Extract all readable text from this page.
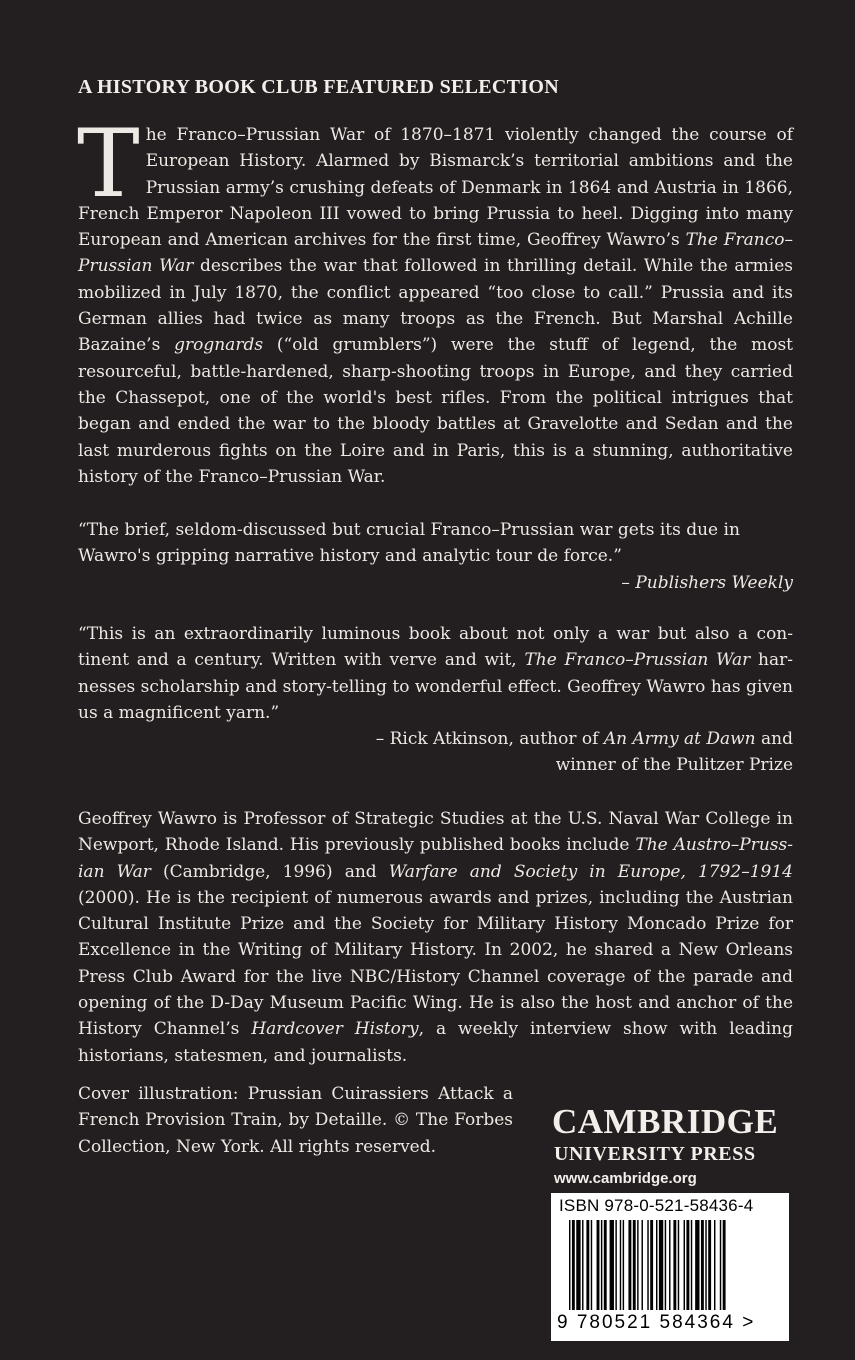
A HISTORY BOOK CLUB FEATURED SELECTION
The Franco–Prussian War of 1870–1871 violently changed the course of European History. Alarmed by Bismarck’s territorial ambitions and the Prussian army’s crushing defeats of Denmark in 1864 and Austria in 1866, French Emperor Napoleon III vowed to bring Prussia to heel. Digging into many European and American archives for the first time, Geoffrey Wawro’s The Franco–Prussian War describes the war that followed in thrilling detail. While the armies mobilized in July 1870, the conflict appeared “too close to call.” Prussia and its German allies had twice as many troops as the French. But Marshal Achille Bazaine’s grognards (“old grumblers”) were the stuff of legend, the most resourceful, battle-hardened, sharp-shooting troops in Europe, and they carried the Chassepot, one of the world's best rifles. From the political intrigues that began and ended the war to the bloody battles at Gravelotte and Sedan and the last murderous fights on the Loire and in Paris, this is a stunning, authoritative history of the Franco–Prussian War.
“The brief, seldom-discussed but crucial Franco–Prussian war gets its due in Wawro's gripping narrative history and analytic tour de force.”
– Publishers Weekly
“This is an extraordinarily luminous book about not only a war but also a continent and a century. Written with verve and wit, The Franco–Prussian War harnesses scholarship and story-telling to wonderful effect. Geoffrey Wawro has given us a magnificent yarn.”
– Rick Atkinson, author of An Army at Dawn and
winner of the Pulitzer Prize
Geoffrey Wawro is Professor of Strategic Studies at the U.S. Naval War College in Newport, Rhode Island. His previously published books include The Austro–Prussian War (Cambridge, 1996) and Warfare and Society in Europe, 1792–1914 (2000). He is the recipient of numerous awards and prizes, including the Austrian Cultural Institute Prize and the Society for Military History Moncado Prize for Excellence in the Writing of Military History. In 2002, he shared a New Orleans Press Club Award for the live NBC/History Channel coverage of the parade and opening of the D-Day Museum Pacific Wing. He is also the host and anchor of the History Channel’s Hardcover History, a weekly interview show with leading historians, statesmen, and journalists.
Cover illustration: Prussian Cuirassiers Attack a French Provision Train, by Detaille. © The Forbes Collection, New York. All rights reserved.
CAMBRIDGE
UNIVERSITY PRESS
www.cambridge.org
ISBN 978-0-521-58436-4
9 780521 584364 >
